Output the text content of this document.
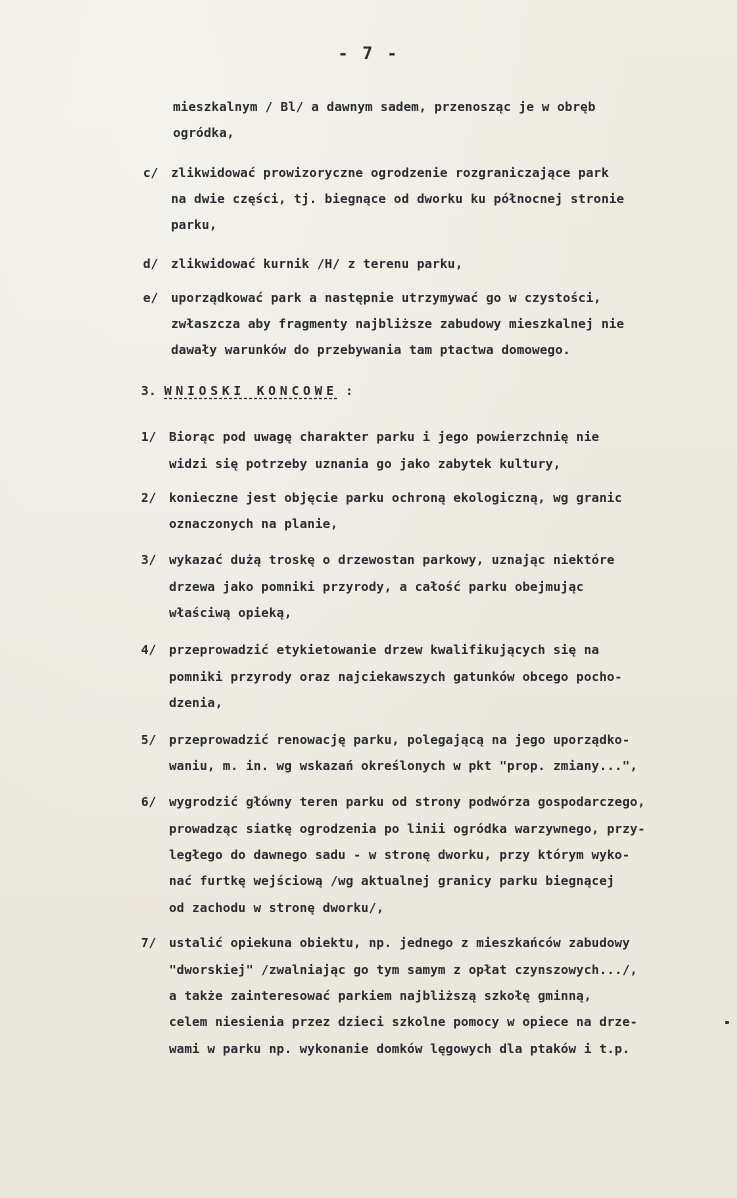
- 7 -
mieszkalnym / Bl/ a dawnym sadem, przenosząc je w obręb
ogródka,
c/ zlikwidować prowizoryczne ogrodzenie rozgraniczające park
na dwie części, tj. biegnące od dworku ku północnej stronie
parku,
d/ zlikwidować kurnik /H/ z terenu parku,
e/ uporządkować park a następnie utrzymywać go w czystości,
zwłaszcza aby fragmenty najbliższe zabudowy mieszkalnej nie
dawały warunków do przebywania tam ptactwa domowego.
3. WNIOSKI KONCOWE :
1/ Biorąc pod uwagę charakter parku i jego powierzchnię nie
widzi się potrzeby uznania go jako zabytek kultury,
2/ konieczne jest objęcie parku ochroną ekologiczną, wg granic
oznaczonych na planie,
3/ wykazać dużą troskę o drzewostan parkowy, uznając niektóre
drzewa jako pomniki przyrody, a całość parku obejmując
właściwą opieką,
4/ przeprowadzić etykietowanie drzew kwalifikujących się na
pomniki przyrody oraz najciekawszych gatunków obcego pocho-
dzenia,
5/ przeprowadzić renowację parku, polegającą na jego uporządko-
waniu, m. in. wg wskazań określonych w pkt "prop. zmiany...",
6/ wygrodzić główny teren parku od strony podwórza gospodarczego,
prowadząc siatkę ogrodzenia po linii ogródka warzywnego, przy-
ległego do dawnego sadu - w stronę dworku, przy którym wyko-
nać furtkę wejściową /wg aktualnej granicy parku biegnącej
od zachodu w stronę dworku/,
7/ ustalić opiekuna obiektu, np. jednego z mieszkańców zabudowy
"dworskiej" /zwalniając go tym samym z opłat czynszowych.../,
a także zainteresować parkiem najbliższą szkołę gminną,
celem niesienia przez dzieci szkolne pomocy w opiece na drze-
wami w parku np. wykonanie domków lęgowych dla ptaków i t.p.
